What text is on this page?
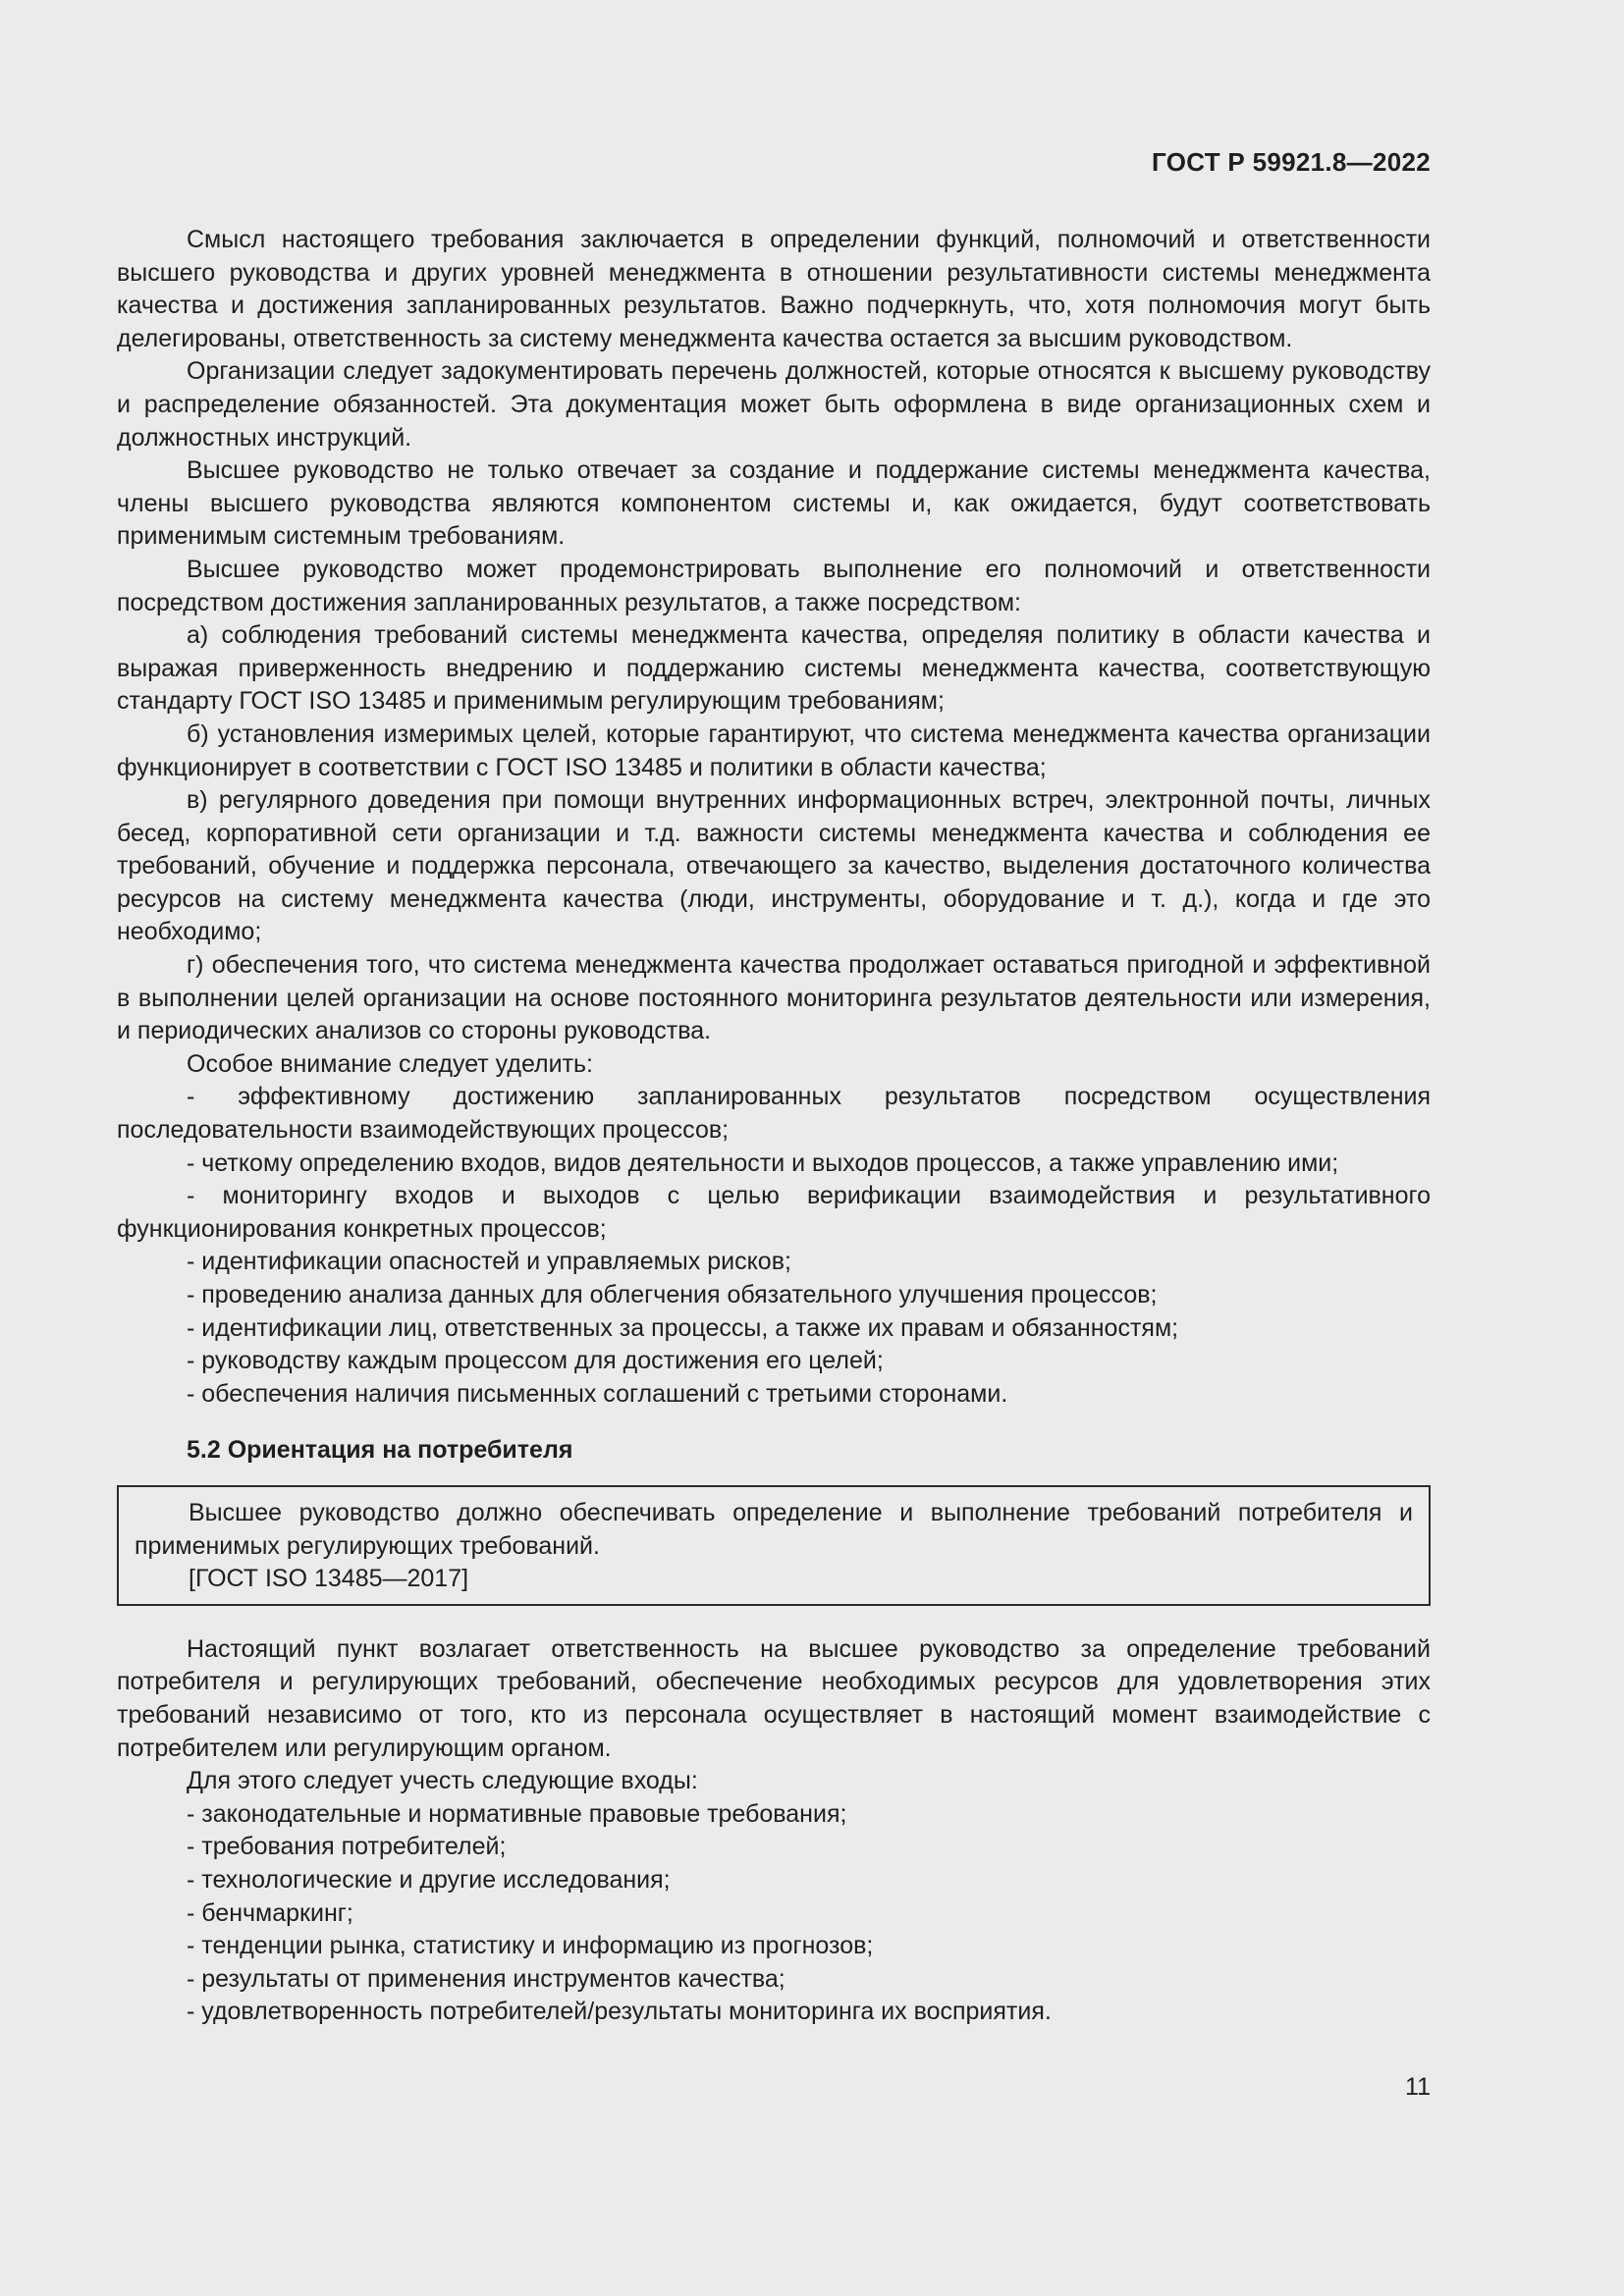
ГОСТ Р 59921.8—2022

Смысл настоящего требования заключается в определении функций, полномочий и ответственности высшего руководства и других уровней менеджмента в отношении результативности системы менеджмента качества и достижения запланированных результатов. Важно подчеркнуть, что, хотя полномочия могут быть делегированы, ответственность за систему менеджмента качества остается за высшим руководством.

Организации следует задокументировать перечень должностей, которые относятся к высшему руководству и распределение обязанностей. Эта документация может быть оформлена в виде организационных схем и должностных инструкций.

Высшее руководство не только отвечает за создание и поддержание системы менеджмента качества, члены высшего руководства являются компонентом системы и, как ожидается, будут соответствовать применимым системным требованиям.

Высшее руководство может продемонстрировать выполнение его полномочий и ответственности посредством достижения запланированных результатов, а также посредством:

а) соблюдения требований системы менеджмента качества, определяя политику в области качества и выражая приверженность внедрению и поддержанию системы менеджмента качества, соответствующую стандарту ГОСТ ISO 13485 и применимым регулирующим требованиям;

б) установления измеримых целей, которые гарантируют, что система менеджмента качества организации функционирует в соответствии с ГОСТ ISO 13485 и политики в области качества;

в) регулярного доведения при помощи внутренних информационных встреч, электронной почты, личных бесед, корпоративной сети организации и т.д. важности системы менеджмента качества и соблюдения ее требований, обучение и поддержка персонала, отвечающего за качество, выделения достаточного количества ресурсов на систему менеджмента качества (люди, инструменты, оборудование и т. д.), когда и где это необходимо;

г) обеспечения того, что система менеджмента качества продолжает оставаться пригодной и эффективной в выполнении целей организации на основе постоянного мониторинга результатов деятельности или измерения, и периодических анализов со стороны руководства.

Особое внимание следует уделить:

- эффективному достижению запланированных результатов посредством осуществления последовательности взаимодействующих процессов;

- четкому определению входов, видов деятельности и выходов процессов, а также управлению ими;

- мониторингу входов и выходов с целью верификации взаимодействия и результативного функционирования конкретных процессов;

- идентификации опасностей и управляемых рисков;

- проведению анализа данных для облегчения обязательного улучшения процессов;

- идентификации лиц, ответственных за процессы, а также их правам и обязанностям;

- руководству каждым процессом для достижения его целей;

- обеспечения наличия письменных соглашений с третьими сторонами.

5.2 Ориентация на потребителя

Высшее руководство должно обеспечивать определение и выполнение требований потребителя и применимых регулирующих требований.

[ГОСТ ISO 13485—2017]

Настоящий пункт возлагает ответственность на высшее руководство за определение требований потребителя и регулирующих требований, обеспечение необходимых ресурсов для удовлетворения этих требований независимо от того, кто из персонала осуществляет в настоящий момент взаимодействие с потребителем или регулирующим органом.

Для этого следует учесть следующие входы:

- законодательные и нормативные правовые требования;

- требования потребителей;

- технологические и другие исследования;

- бенчмаркинг;

- тенденции рынка, статистику и информацию из прогнозов;

- результаты от применения инструментов качества;

- удовлетворенность потребителей/результаты мониторинга их восприятия.

11
